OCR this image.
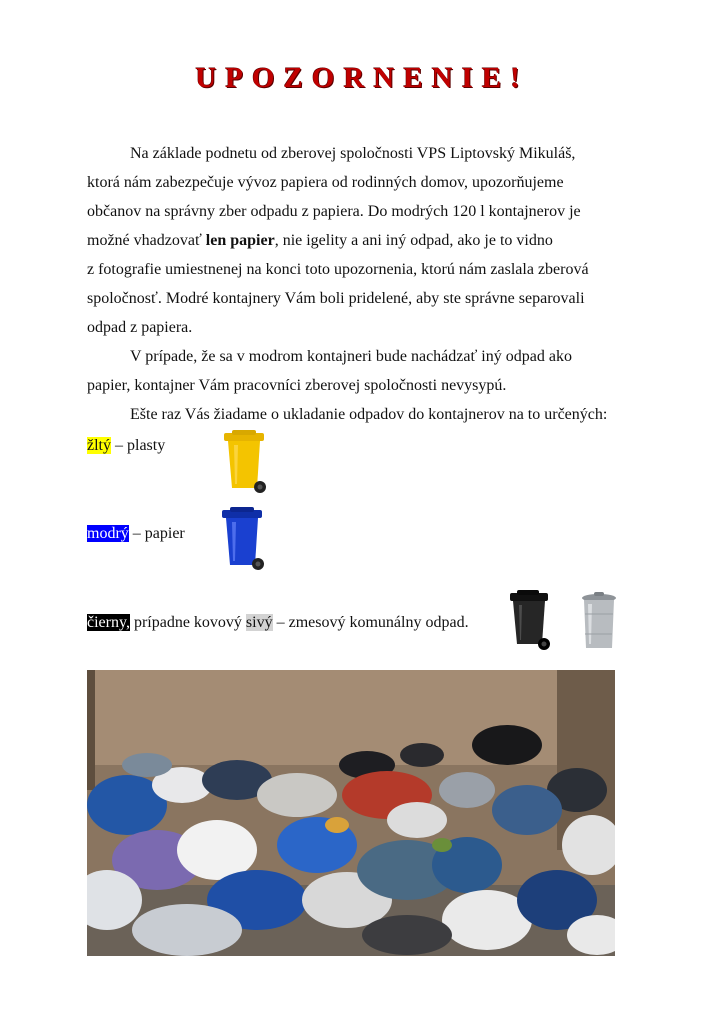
UPOZORNENIE!
Na základe podnetu od zberovej spoločnosti VPS Liptovský Mikuláš,
ktorá nám zabezpečuje vývoz papiera od rodinných domov, upozorňujeme
občanov na správny zber odpadu z papiera. Do modrých 120 l kontajnerov je
možné vhadzovať len papier, nie igelity a ani iný odpad, ako je to vidno
z fotografie umiestnenej na konci toto upozornenia, ktorú nám zaslala zberová
spoločnosť. Modré kontajnery Vám boli pridelené, aby ste správne separovali
odpad z papiera.
V prípade, že sa v modrom kontajneri bude nachádzať iný odpad ako
papier, kontajner Vám pracovníci zberovej spoločnosti nevysypú.
Ešte raz Vás žiadame o ukladanie odpadov do kontajnerov na to určených:
žltý – plasty
modrý – papier
čierny, prípadne kovový sivý – zmesový komunálny odpad.
